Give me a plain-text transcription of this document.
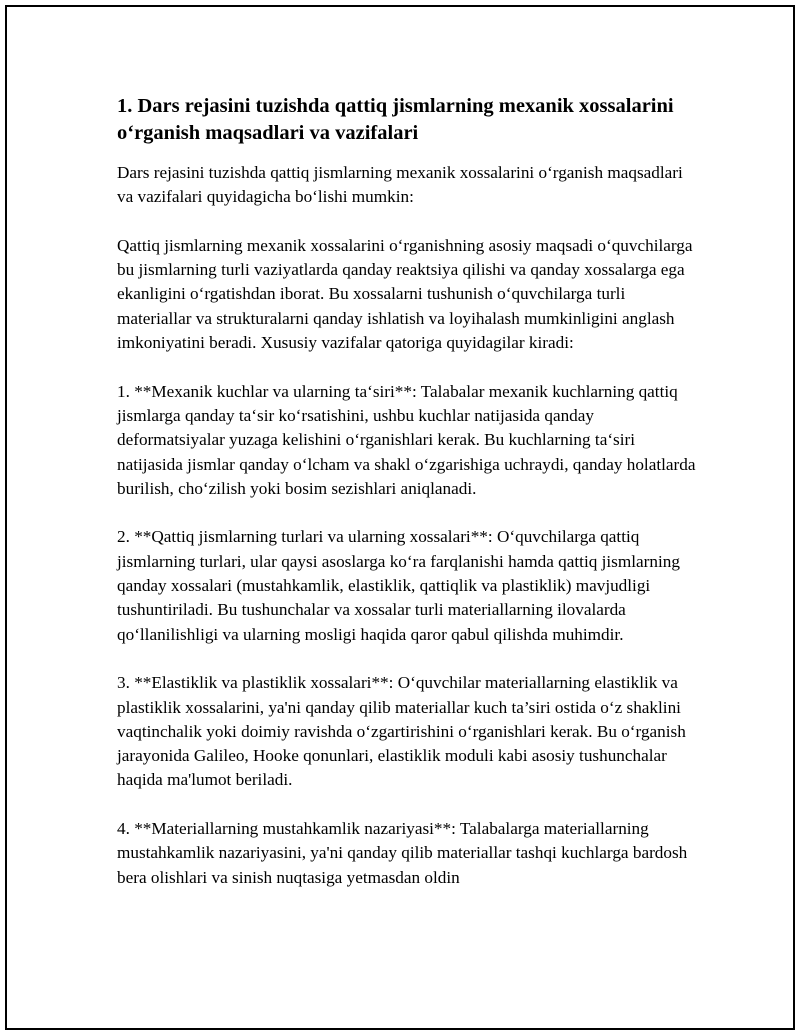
1. Dars rejasini tuzishda qattiq jismlarning mexanik xossalarini oʻrganish maqsadlari va vazifalari

Dars rejasini tuzishda qattiq jismlarning mexanik xossalarini oʻrganish maqsadlari va vazifalari quyidagicha boʻlishi mumkin:

Qattiq jismlarning mexanik xossalarini oʻrganishning asosiy maqsadi oʻquvchilarga bu jismlarning turli vaziyatlarda qanday reaktsiya qilishi va qanday xossalarga ega ekanligini oʻrgatishdan iborat. Bu xossalarni tushunish oʻquvchilarga turli materiallar va strukturalarni qanday ishlatish va loyihalash mumkinligini anglash imkoniyatini beradi. Xususiy vazifalar qatoriga quyidagilar kiradi:

1. **Mexanik kuchlar va ularning taʻsiri**: Talabalar mexanik kuchlarning qattiq jismlarga qanday taʻsir koʻrsatishini, ushbu kuchlar natijasida qanday deformatsiyalar yuzaga kelishini oʻrganishlari kerak. Bu kuchlarning taʻsiri natijasida jismlar qanday oʻlcham va shakl oʻzgarishiga uchraydi, qanday holatlarda burilish, choʻzilish yoki bosim sezishlari aniqlanadi.

2. **Qattiq jismlarning turlari va ularning xossalari**: Oʻquvchilarga qattiq jismlarning turlari, ular qaysi asoslarga koʻra farqlanishi hamda qattiq jismlarning qanday xossalari (mustahkamlik, elastiklik, qattiqlik va plastiklik) mavjudligi tushuntiriladi. Bu tushunchalar va xossalar turli materiallarning ilovalarda qoʻllanilishligi va ularning mosligi haqida qaror qabul qilishda muhimdir.

3. **Elastiklik va plastiklik xossalari**: Oʻquvchilar materiallarning elastiklik va plastiklik xossalarini, ya'ni qanday qilib materiallar kuch ta’siri ostida oʻz shaklini vaqtinchalik yoki doimiy ravishda oʻzgartirishini oʻrganishlari kerak. Bu oʻrganish jarayonida Galileo, Hooke qonunlari, elastiklik moduli kabi asosiy tushunchalar haqida ma'lumot beriladi.

4. **Materiallarning mustahkamlik nazariyasi**: Talabalarga materiallarning mustahkamlik nazariyasini, ya'ni qanday qilib materiallar tashqi kuchlarga bardosh bera olishlari va sinish nuqtasiga yetmasdan oldin
